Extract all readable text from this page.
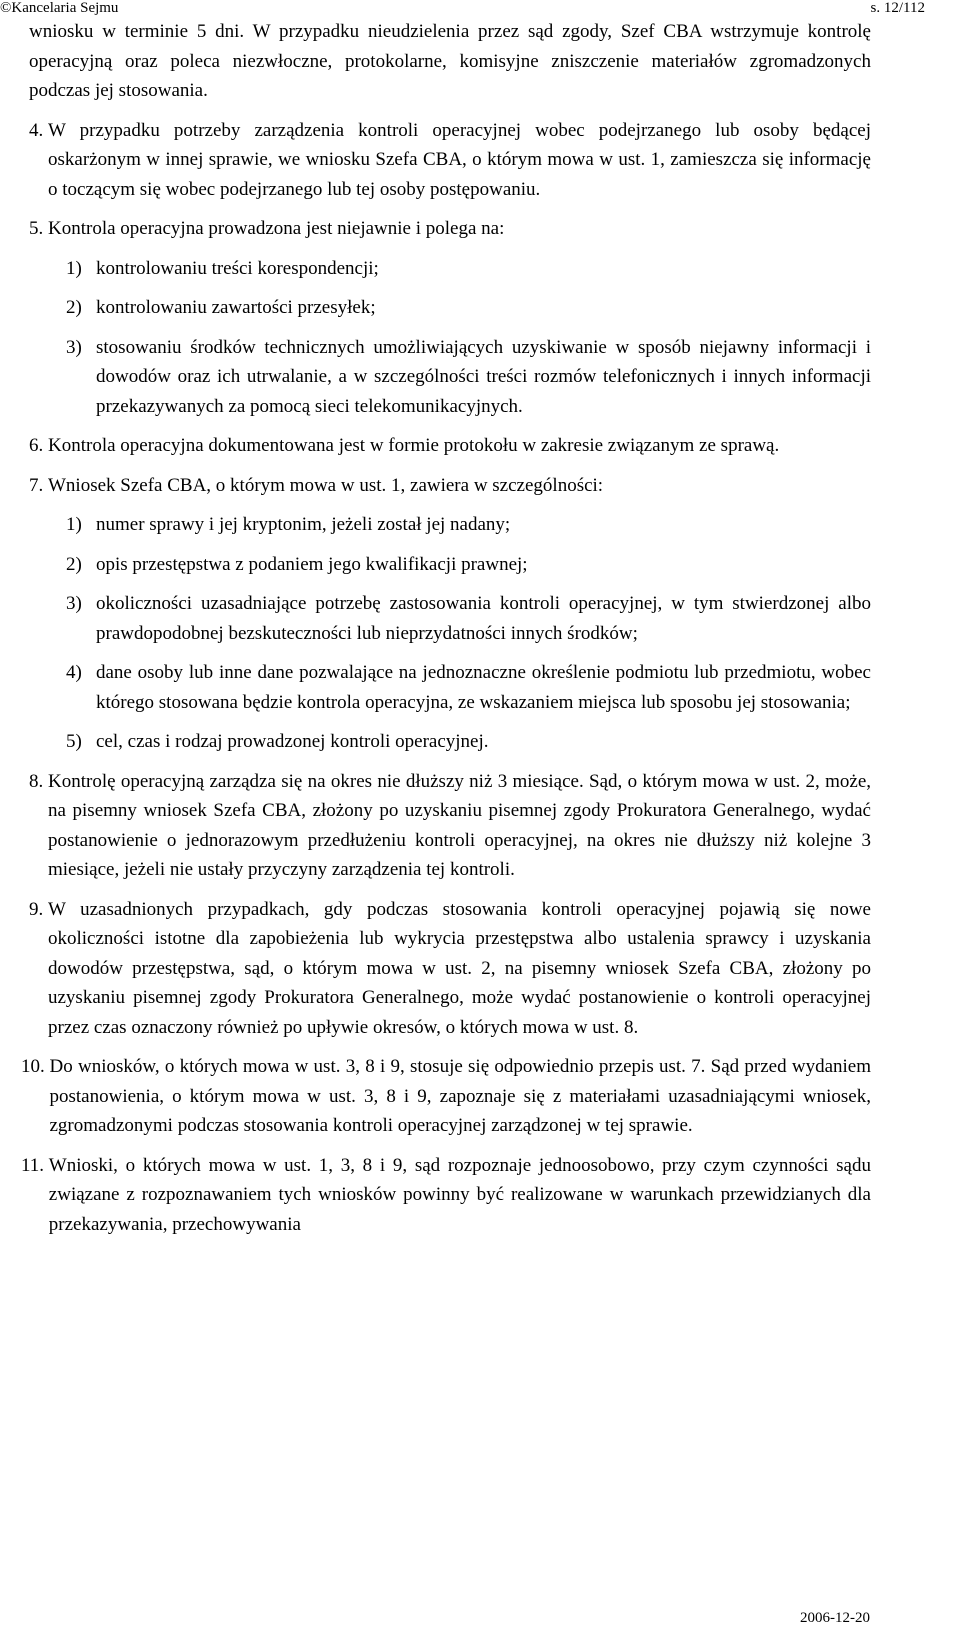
©Kancelaria Sejmu	s. 12/112
wniosku w terminie 5 dni. W przypadku nieudzielenia przez sąd zgody, Szef CBA wstrzymuje kontrolę operacyjną oraz poleca niezwłoczne, protokolarne, komisyjne zniszczenie materiałów zgromadzonych podczas jej stosowania.
4.
W przypadku potrzeby zarządzenia kontroli operacyjnej wobec podejrzanego lub osoby będącej oskarżonym w innej sprawie, we wniosku Szefa CBA, o którym mowa w ust. 1, zamieszcza się informację o toczącym się wobec podejrzanego lub tej osoby postępowaniu.
5.
Kontrola operacyjna prowadzona jest niejawnie i polega na:
1) kontrolowaniu treści korespondencji;
2) kontrolowaniu zawartości przesyłek;
3) stosowaniu środków technicznych umożliwiających uzyskiwanie w sposób niejawny informacji i dowodów oraz ich utrwalanie, a w szczególności treści rozmów telefonicznych i innych informacji przekazywanych za pomocą sieci telekomunikacyjnych.
6.
Kontrola operacyjna dokumentowana jest w formie protokołu w zakresie związanym ze sprawą.
7.
Wniosek Szefa CBA, o którym mowa w ust. 1, zawiera w szczególności:
1) numer sprawy i jej kryptonim, jeżeli został jej nadany;
2) opis przestępstwa z podaniem jego kwalifikacji prawnej;
3) okoliczności uzasadniające potrzebę zastosowania kontroli operacyjnej, w tym stwierdzonej albo prawdopodobnej bezskuteczności lub nieprzydatności innych środków;
4) dane osoby lub inne dane pozwalające na jednoznaczne określenie podmiotu lub przedmiotu, wobec którego stosowana będzie kontrola operacyjna, ze wskazaniem miejsca lub sposobu jej stosowania;
5) cel, czas i rodzaj prowadzonej kontroli operacyjnej.
8.
Kontrolę operacyjną zarządza się na okres nie dłuższy niż 3 miesiące. Sąd, o którym mowa w ust. 2, może, na pisemny wniosek Szefa CBA, złożony po uzyskaniu pisemnej zgody Prokuratora Generalnego, wydać postanowienie o jednorazowym przedłużeniu kontroli operacyjnej, na okres nie dłuższy niż kolejne 3 miesiące, jeżeli nie ustały przyczyny zarządzenia tej kontroli.
9.
W uzasadnionych przypadkach, gdy podczas stosowania kontroli operacyjnej pojawią się nowe okoliczności istotne dla zapobieżenia lub wykrycia przestępstwa albo ustalenia sprawcy i uzyskania dowodów przestępstwa, sąd, o którym mowa w ust. 2, na pisemny wniosek Szefa CBA, złożony po uzyskaniu pisemnej zgody Prokuratora Generalnego, może wydać postanowienie o kontroli operacyjnej przez czas oznaczony również po upływie okresów, o których mowa w ust. 8.
10.
Do wniosków, o których mowa w ust. 3, 8 i 9, stosuje się odpowiednio przepis ust. 7. Sąd przed wydaniem postanowienia, o którym mowa w ust. 3, 8 i 9, zapoznaje się z materiałami uzasadniającymi wniosek, zgromadzonymi podczas stosowania kontroli operacyjnej zarządzonej w tej sprawie.
11.
Wnioski, o których mowa w ust. 1, 3, 8 i 9, sąd rozpoznaje jednoosobowo, przy czym czynności sądu związane z rozpoznawaniem tych wniosków powinny być realizowane w warunkach przewidzianych dla przekazywania, przechowywania
2006-12-20
